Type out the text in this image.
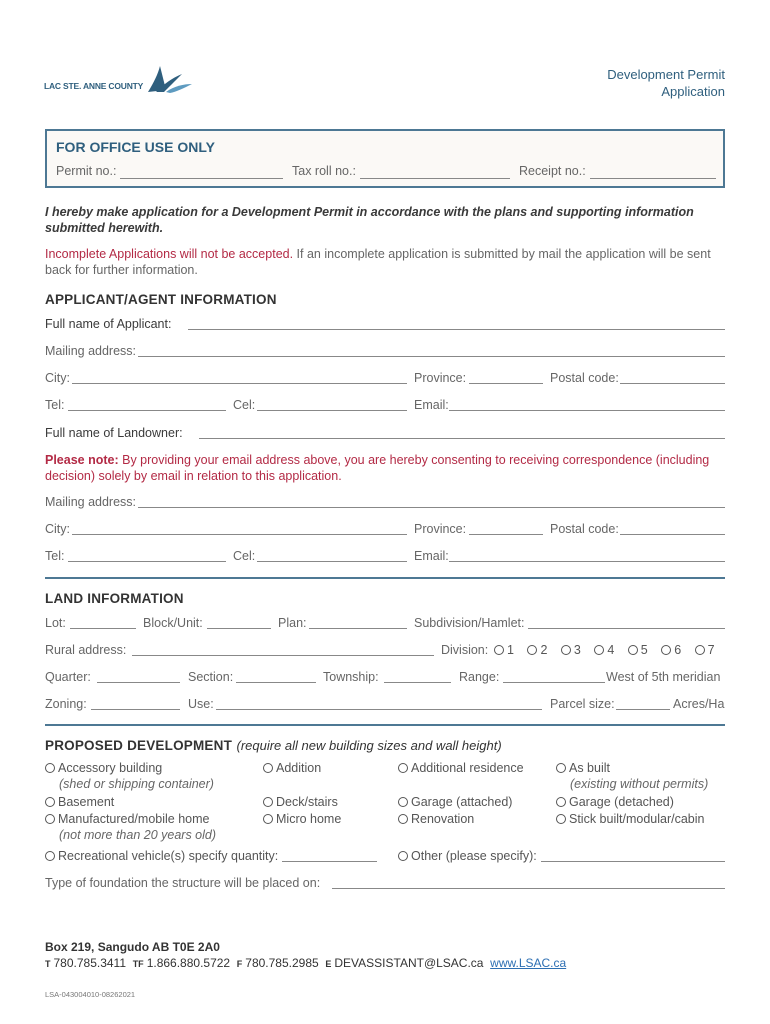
LAC STE. ANNE COUNTY
Development Permit
Application
FOR OFFICE USE ONLY
Permit no.:	Tax roll no.:	Receipt no.:
I hereby make application for a Development Permit in accordance with the plans and supporting information submitted herewith.
Incomplete Applications will not be accepted. If an incomplete application is submitted by mail the application will be sent back for further information.
APPLICANT/AGENT INFORMATION
Full name of Applicant:
Mailing address:
City:	Province:	Postal code:
Tel:	Cel:	Email:
Full name of Landowner:
Please note: By providing your email address above, you are hereby consenting to receiving correspondence (including decision) solely by email in relation to this application.
Mailing address:
City:	Province:	Postal code:
Tel:	Cel:	Email:
LAND INFORMATION
Lot:	Block/Unit:	Plan:	Subdivision/Hamlet:
Rural address:	Division:	1 2 3 4 5 6 7
Quarter:	Section:	Township:	Range:	West of 5th meridian
Zoning:	Use:	Parcel size:	Acres/Ha
PROPOSED DEVELOPMENT (require all new building sizes and wall height)
Accessory building
(shed or shipping container)
Addition	Additional residence	As built
(existing without permits)
Basement	Deck/stairs	Garage (attached)	Garage (detached)
Manufactured/mobile home
(not more than 20 years old)
Micro home	Renovation	Stick built/modular/cabin
Recreational vehicle(s) specify quantity:	Other (please specify):
Type of foundation the structure will be placed on:
Box 219, Sangudo AB T0E 2A0
T 780.785.3411 TF 1.866.880.5722 F 780.785.2985 E DEVASSISTANT@LSAC.ca www.LSAC.ca
LSA-043004010-08262021
